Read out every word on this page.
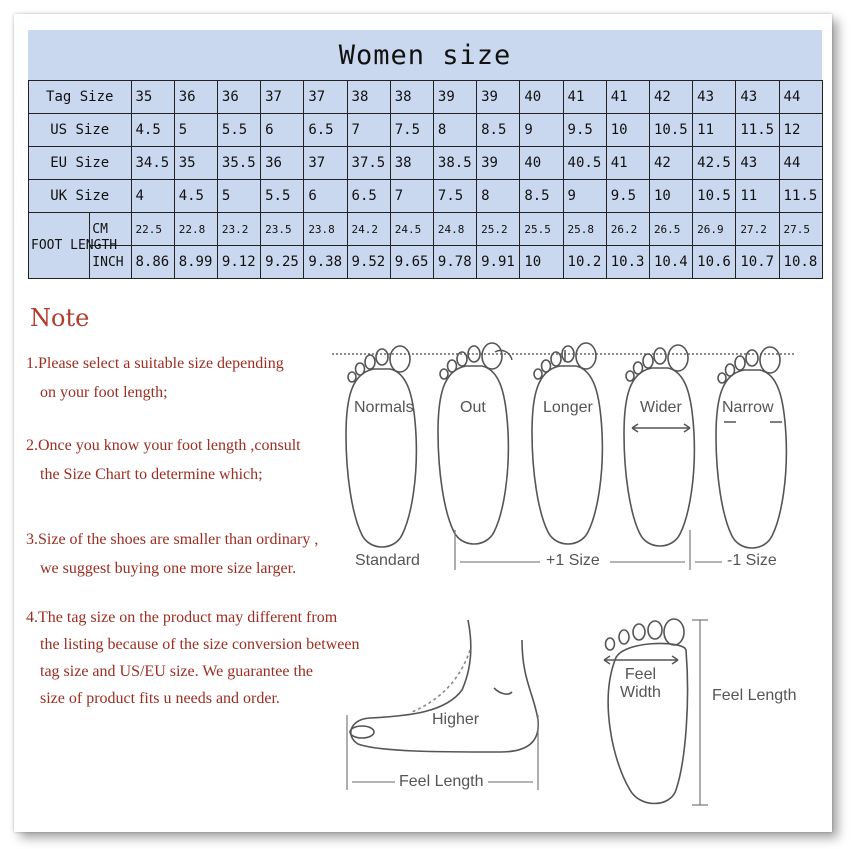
Women size
Tag Size		35	36	36	37	37	38	38	39	39	40	41	41	42	43	43	44
US Size		4.5	5	5.5	6	6.5	7	7.5	8	8.5	9	9.5	10	10.5	11	11.5	12
EU Size		34.5	35	35.5	36	37	37.5	38	38.5	39	40	40.5	41	42	42.5	43	44
UK Size		4	4.5	5	5.5	6	6.5	7	7.5	8	8.5	9	9.5	10	10.5	11	11.5
FOOT LENGTH	CM	22.5	22.8	23.2	23.5	23.8	24.2	24.5	24.8	25.2	25.5	25.8	26.2	26.5	26.9	27.2	27.5
	INCH	8.86	8.99	9.12	9.25	9.38	9.52	9.65	9.78	9.91	10	10.2	10.3	10.4	10.6	10.7	10.8
Note
1.Please select a suitable size depending
on your foot length;
2.Once you know your foot length ,consult
the Size Chart to determine which;
3.Size of the shoes are smaller than ordinary ,
we suggest buying one more size larger.
4.The tag size on the product may different from
the listing because of the size conversion between
tag size and US/EU size. We guarantee the
size of product fits u needs and order.
Normals	Out	Longer	Wider	Narrow
Standard	+1 Size	-1 Size
Higher
Feel Length
Feel
Width	Feel Length
